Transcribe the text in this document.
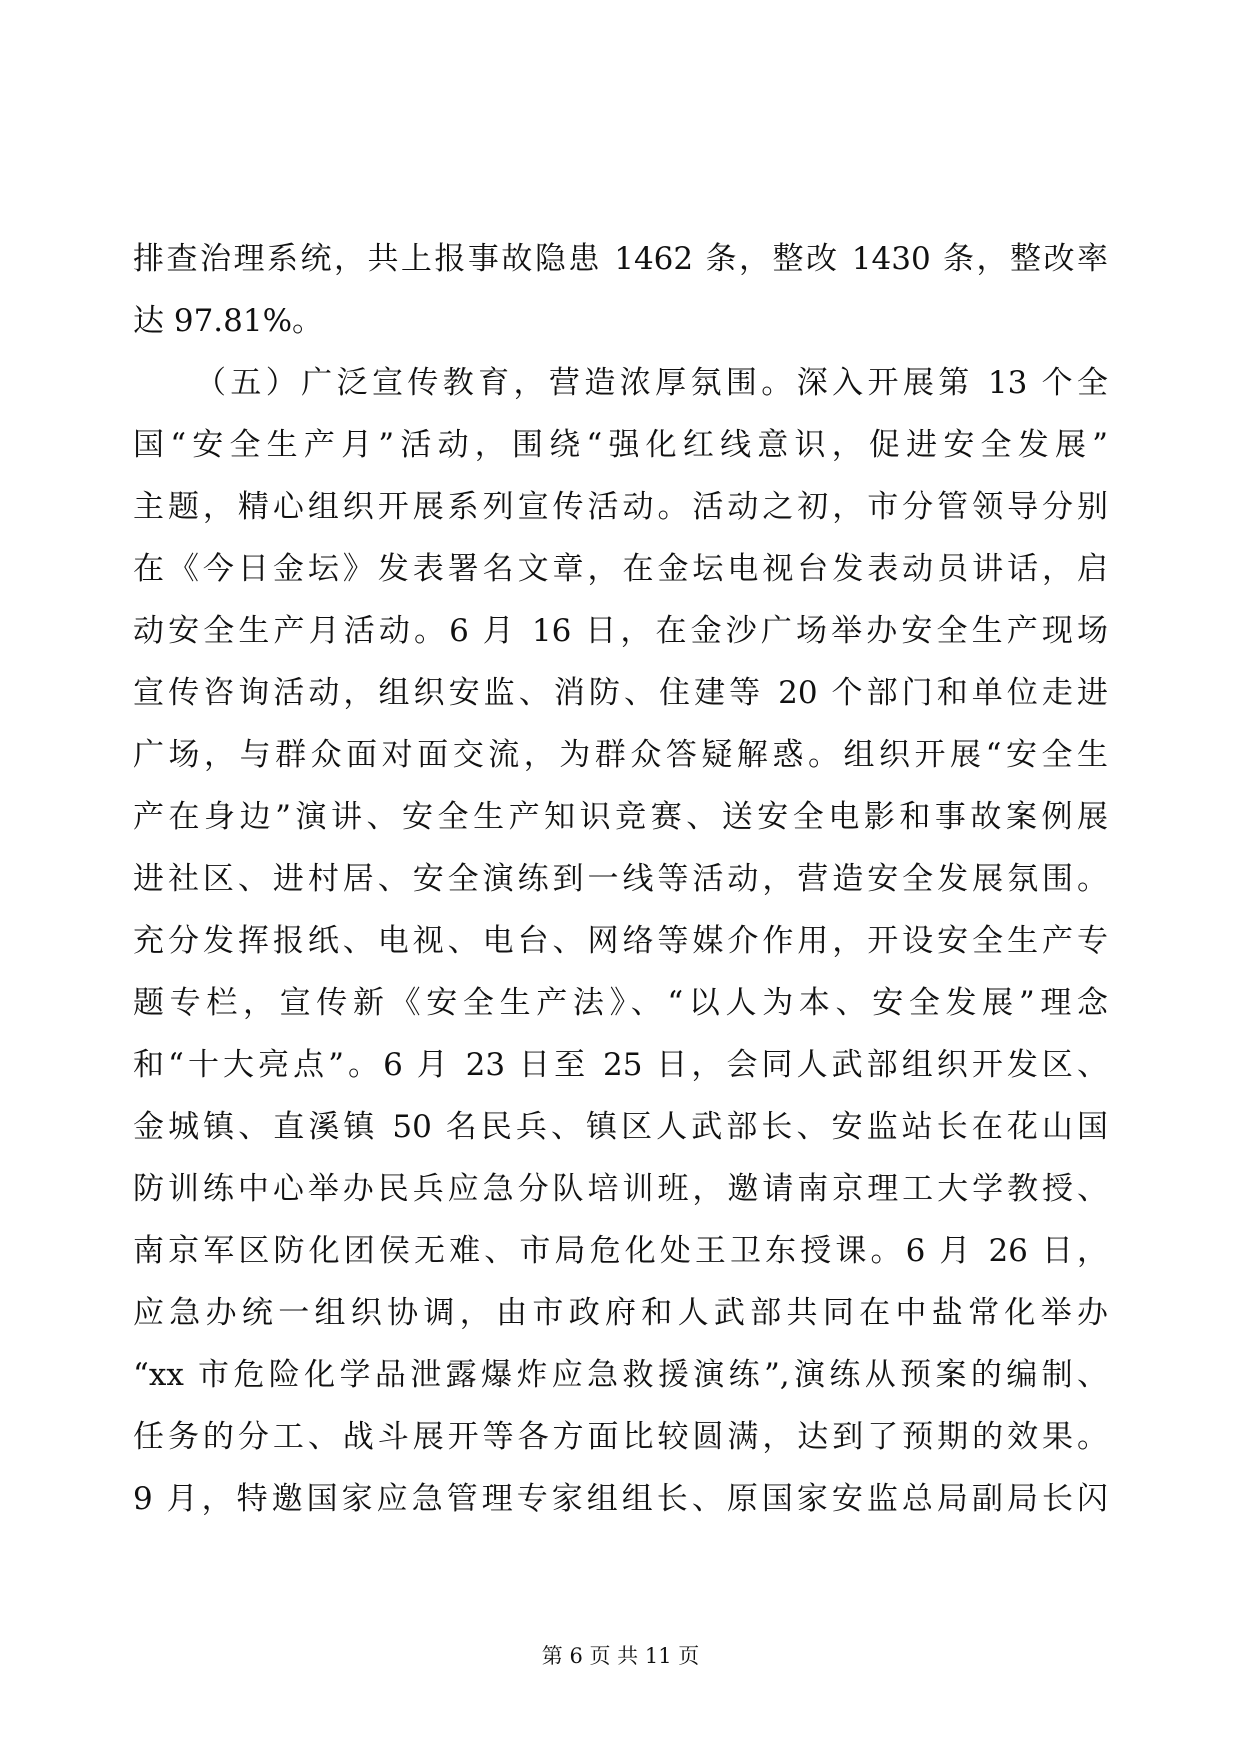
排查治理系统，共上报事故隐患 1462 条，整改 1430 条，整改率
达 97.81%。
（五）广泛宣传教育，营造浓厚氛围。深入开展第 13 个全
国“安全生产月”活动，围绕“强化红线意识，促进安全发展”
主题，精心组织开展系列宣传活动。活动之初，市分管领导分别
在《今日金坛》发表署名文章，在金坛电视台发表动员讲话，启
动安全生产月活动。6 月 16 日，在金沙广场举办安全生产现场
宣传咨询活动，组织安监、消防、住建等 20 个部门和单位走进
广场，与群众面对面交流，为群众答疑解惑。组织开展“安全生
产在身边”演讲、安全生产知识竞赛、送安全电影和事故案例展
进社区、进村居、安全演练到一线等活动，营造安全发展氛围。
充分发挥报纸、电视、电台、网络等媒介作用，开设安全生产专
题专栏，宣传新《安全生产法》、“以人为本、安全发展”理念
和“十大亮点”。6 月 23 日至 25 日，会同人武部组织开发区、
金城镇、直溪镇 50 名民兵、镇区人武部长、安监站长在花山国
防训练中心举办民兵应急分队培训班，邀请南京理工大学教授、
南京军区防化团侯无难、市局危化处王卫东授课。6 月 26 日，
应急办统一组织协调，由市政府和人武部共同在中盐常化举办
“xx 市危险化学品泄露爆炸应急救援演练”,演练从预案的编制、
任务的分工、战斗展开等各方面比较圆满，达到了预期的效果。
9 月，特邀国家应急管理专家组组长、原国家安监总局副局长闪
第 6 页 共 11 页
